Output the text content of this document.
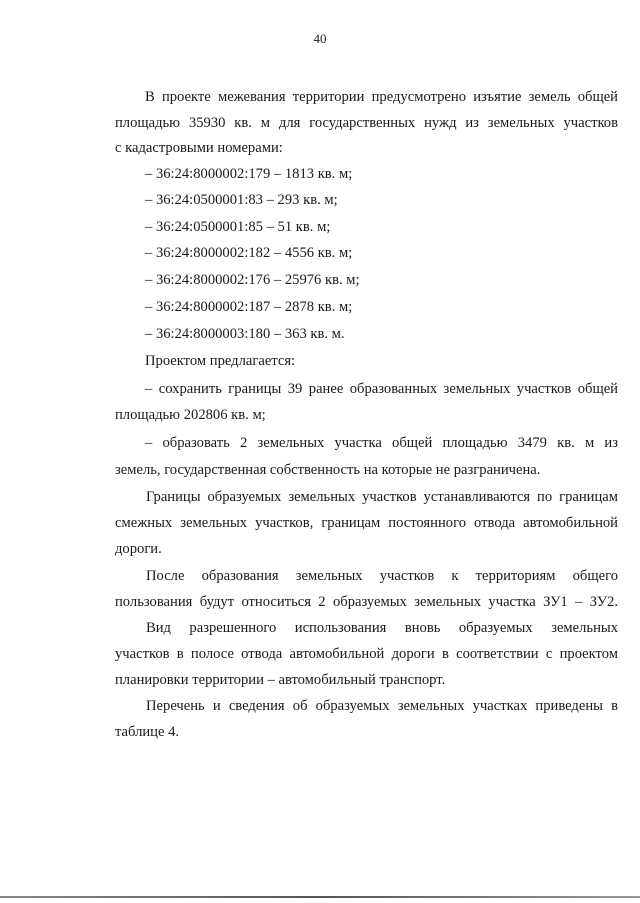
40
В проекте межевания территории предусмотрено изъятие земель общей
площадью 35930 кв. м для государственных нужд из земельных участков
с кадастровыми номерами:
– 36:24:8000002:179 – 1813 кв. м;
– 36:24:0500001:83 – 293 кв. м;
– 36:24:0500001:85 – 51 кв. м;
– 36:24:8000002:182 – 4556 кв. м;
– 36:24:8000002:176 – 25976 кв. м;
– 36:24:8000002:187 – 2878 кв. м;
– 36:24:8000003:180 – 363 кв. м.
Проектом предлагается:
– сохранить границы 39 ранее образованных земельных участков общей
площадью 202806 кв. м;
– образовать 2 земельных участка общей площадью 3479 кв. м из
земель, государственная собственность на которые не разграничена.
Границы образуемых земельных участков устанавливаются по границам
смежных земельных участков, границам постоянного отвода автомобильной
дороги.
После образования земельных участков к территориям общего
пользования будут относиться 2 образуемых земельных участка ЗУ1 – ЗУ2.
Вид разрешенного использования вновь образуемых земельных
участков в полосе отвода автомобильной дороги в соответствии с проектом
планировки территории – автомобильный транспорт.
Перечень и сведения об образуемых земельных участках приведены в
таблице 4.
